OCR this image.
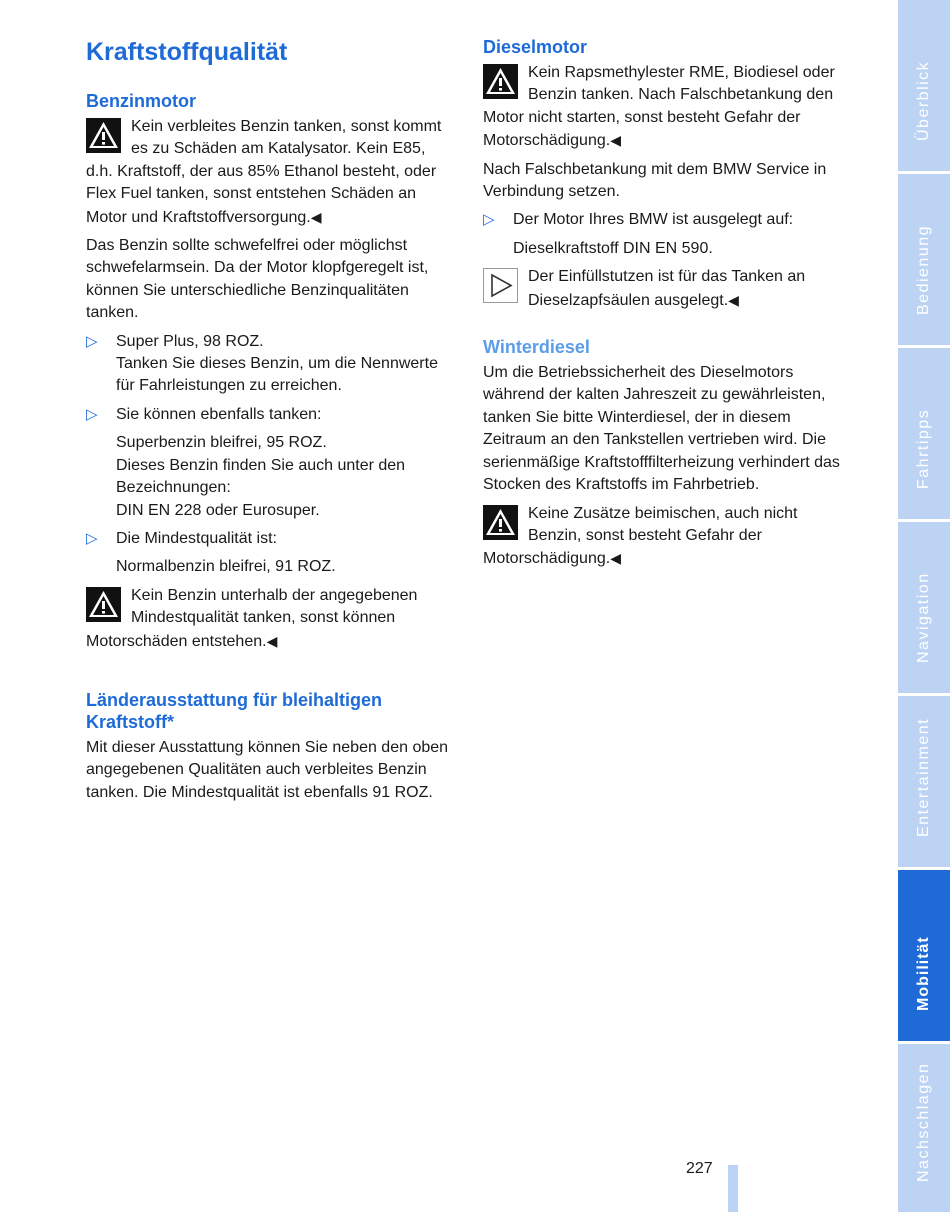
Kraftstoffqualität
Benzinmotor

Kein verbleites Benzin tanken, sonst kommt es zu Schäden am Katalysator. Kein E85, d.h. Kraftstoff, der aus 85% Ethanol besteht, oder Flex Fuel tanken, sonst entstehen Schäden an Motor und Kraftstoffversorgung.◀

Das Benzin sollte schwefelfrei oder möglichst schwefelarmsein. Da der Motor klopfgeregelt ist, können Sie unterschiedliche Benzinqualitäten tanken.

▷ Super Plus, 98 ROZ.
Tanken Sie dieses Benzin, um die Nennwerte für Fahrleistungen zu erreichen.
▷ Sie können ebenfalls tanken:
Superbenzin bleifrei, 95 ROZ.
Dieses Benzin finden Sie auch unter den Bezeichnungen:
DIN EN 228 oder Eurosuper.
▷ Die Mindestqualität ist:
Normalbenzin bleifrei, 91 ROZ.

Kein Benzin unterhalb der angegebenen Mindestqualität tanken, sonst können Motorschäden entstehen.◀

Länderausstattung für bleihaltigen Kraftstoff*

Mit dieser Ausstattung können Sie neben den oben angegebenen Qualitäten auch verbleites Benzin tanken. Die Mindestqualität ist ebenfalls 91 ROZ.

Dieselmotor

Kein Rapsmethylester RME, Biodiesel oder Benzin tanken. Nach Falschbetankung den Motor nicht starten, sonst besteht Gefahr der Motorschädigung.◀

Nach Falschbetankung mit dem BMW Service in Verbindung setzen.

▷ Der Motor Ihres BMW ist ausgelegt auf:
Dieselkraftstoff DIN EN 590.

Der Einfüllstutzen ist für das Tanken an Dieselzapfsäulen ausgelegt.◀

Winterdiesel

Um die Betriebssicherheit des Dieselmotors während der kalten Jahreszeit zu gewährleisten, tanken Sie bitte Winterdiesel, der in diesem Zeitraum an den Tankstellen vertrieben wird. Die serienmäßige Kraftstofffilterheizung verhindert das Stocken des Kraftstoffs im Fahrbetrieb.

Keine Zusätze beimischen, auch nicht Benzin, sonst besteht Gefahr der Motorschädigung.◀

Überblick
Bedienung
Fahrtipps
Navigation
Entertainment
Mobilität
Nachschlagen
227
